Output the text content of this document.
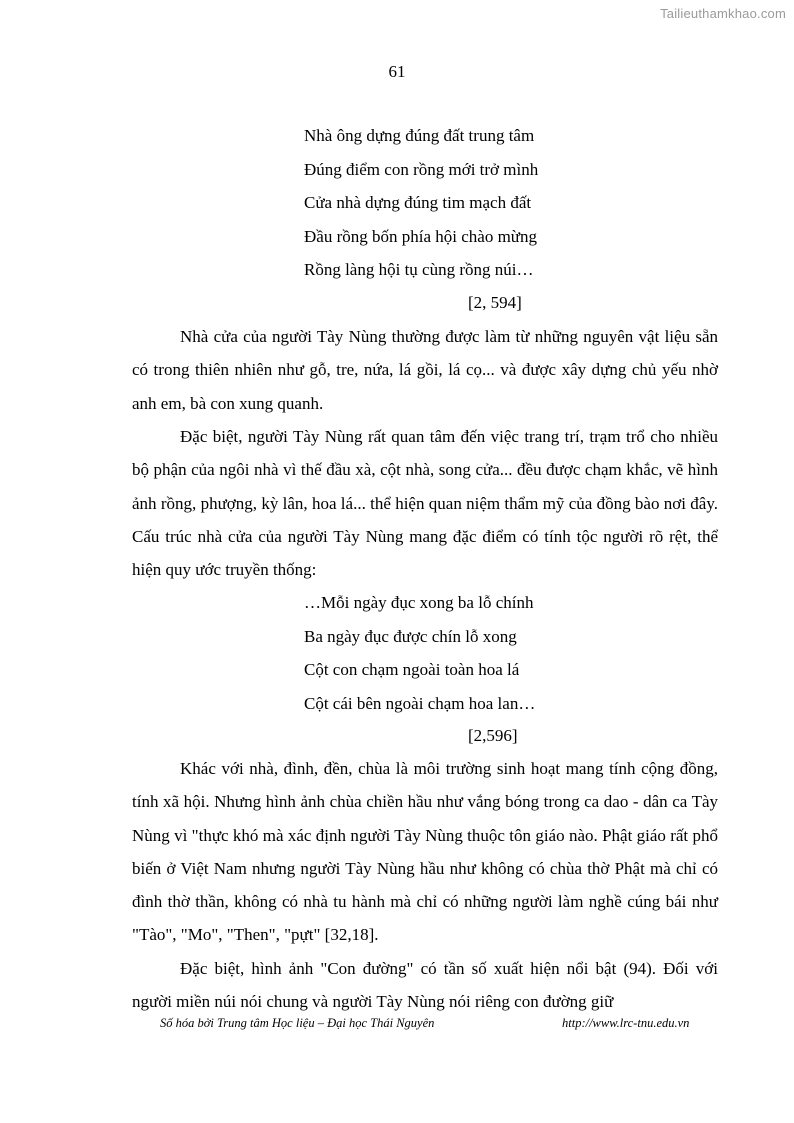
Tailieuthamkhao.com
61
Nhà ông dựng đúng đất trung tâm
Đúng điểm con rồng mới trở mình
Cửa nhà dựng đúng tim mạch đất
Đầu rồng bốn phía hội chào mừng
Rồng làng hội tụ cùng rồng núi…
[2, 594]

Nhà cửa của người Tày Nùng thường được làm từ những nguyên vật liệu sẵn có trong thiên nhiên như gỗ, tre, nứa, lá gồi, lá cọ... và được xây dựng chủ yếu nhờ anh em, bà con xung quanh.

Đặc biệt, người Tày Nùng rất quan tâm đến việc trang trí, trạm trổ cho nhiều bộ phận của ngôi nhà vì thế đầu xà, cột nhà, song cửa... đều được chạm khắc, vẽ hình ảnh rồng, phượng, kỳ lân, hoa lá... thể hiện quan niệm thẩm mỹ của đồng bào nơi đây. Cấu trúc nhà cửa của người Tày Nùng mang đặc điểm có tính tộc người rõ rệt, thể hiện quy ước truyền thống:

…Mỗi ngày đục xong ba lỗ chính
Ba ngày đục được chín lỗ xong
Cột con chạm ngoài toàn hoa lá
Cột cái bên ngoài chạm hoa lan…
[2,596]

Khác với nhà, đình, đền, chùa là môi trường sinh hoạt mang tính cộng đồng, tính xã hội. Nhưng hình ảnh chùa chiền hầu như vắng bóng trong ca dao - dân ca Tày Nùng vì "thực khó mà xác định người Tày Nùng thuộc tôn giáo nào. Phật giáo rất phổ biến ở Việt Nam nhưng người Tày Nùng hầu như không có chùa thờ Phật mà chỉ có đình thờ thần, không có nhà tu hành mà chỉ có những người làm nghề cúng bái như "Tào", "Mo", "Then", "pựt" [32,18].

Đặc biệt, hình ảnh "Con đường" có tần số xuất hiện nổi bật (94). Đối với người miền núi nói chung và người Tày Nùng nói riêng con đường giữ

Số hóa bởi Trung tâm Học liệu – Đại học Thái Nguyên	http://www.lrc-tnu.edu.vn
